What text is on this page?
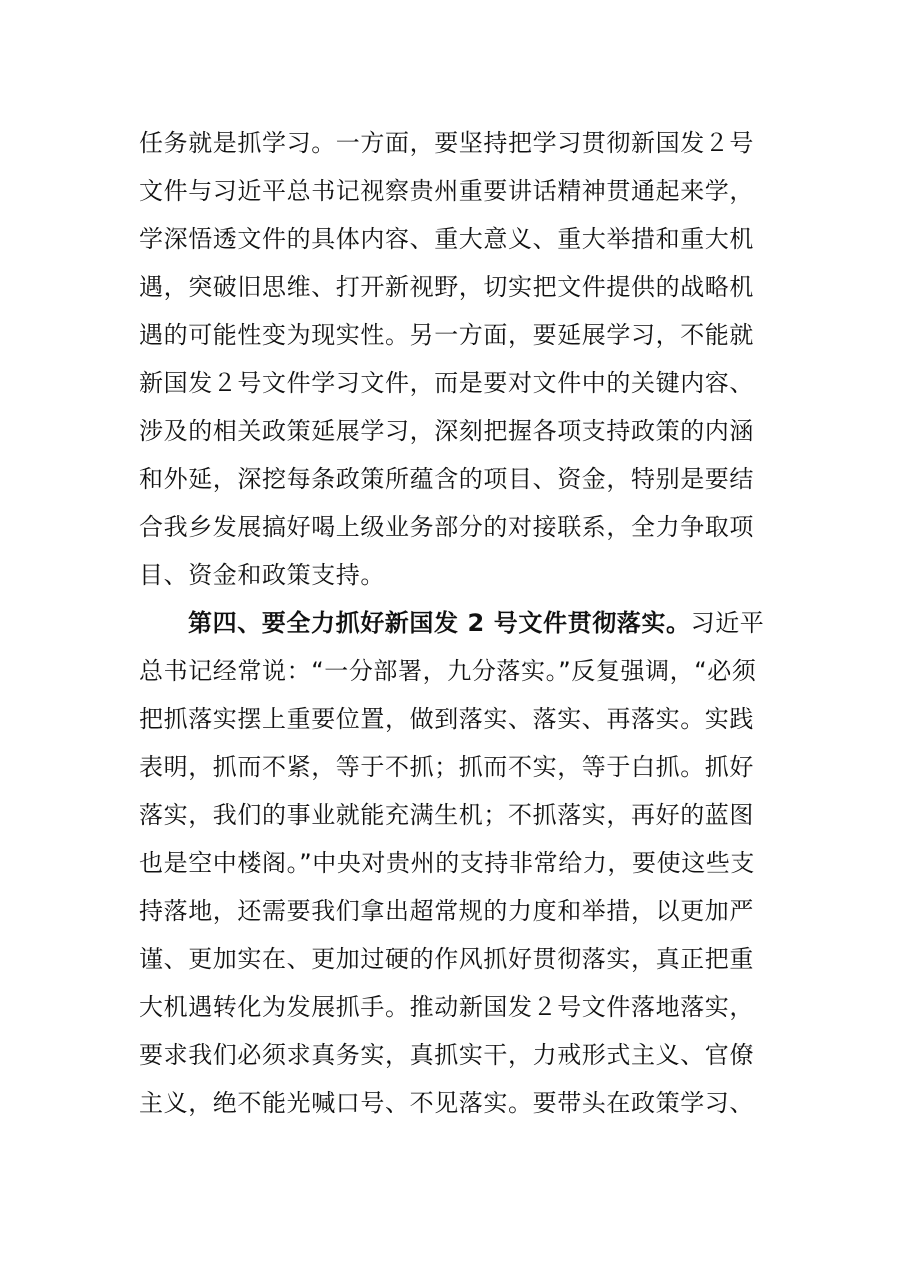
任务就是抓学习。一方面，要坚持把学习贯彻新国发２号
文件与习近平总书记视察贵州重要讲话精神贯通起来学，
学深悟透文件的具体内容、重大意义、重大举措和重大机
遇，突破旧思维、打开新视野，切实把文件提供的战略机
遇的可能性变为现实性。另一方面，要延展学习，不能就
新国发２号文件学习文件，而是要对文件中的关键内容、
涉及的相关政策延展学习，深刻把握各项支持政策的内涵
和外延，深挖每条政策所蕴含的项目、资金，特别是要结
合我乡发展搞好喝上级业务部分的对接联系，全力争取项
目、资金和政策支持。
第四、要全力抓好新国发 2 号文件贯彻落实。习近平
总书记经常说：“一分部署，九分落实。”反复强调，“必须
把抓落实摆上重要位置，做到落实、落实、再落实。实践
表明，抓而不紧，等于不抓；抓而不实，等于白抓。抓好
落实，我们的事业就能充满生机；不抓落实，再好的蓝图
也是空中楼阁。”中央对贵州的支持非常给力，要使这些支
持落地，还需要我们拿出超常规的力度和举措，以更加严
谨、更加实在、更加过硬的作风抓好贯彻落实，真正把重
大机遇转化为发展抓手。推动新国发２号文件落地落实，
要求我们必须求真务实，真抓实干，力戒形式主义、官僚
主义，绝不能光喊口号、不见落实。要带头在政策学习、
